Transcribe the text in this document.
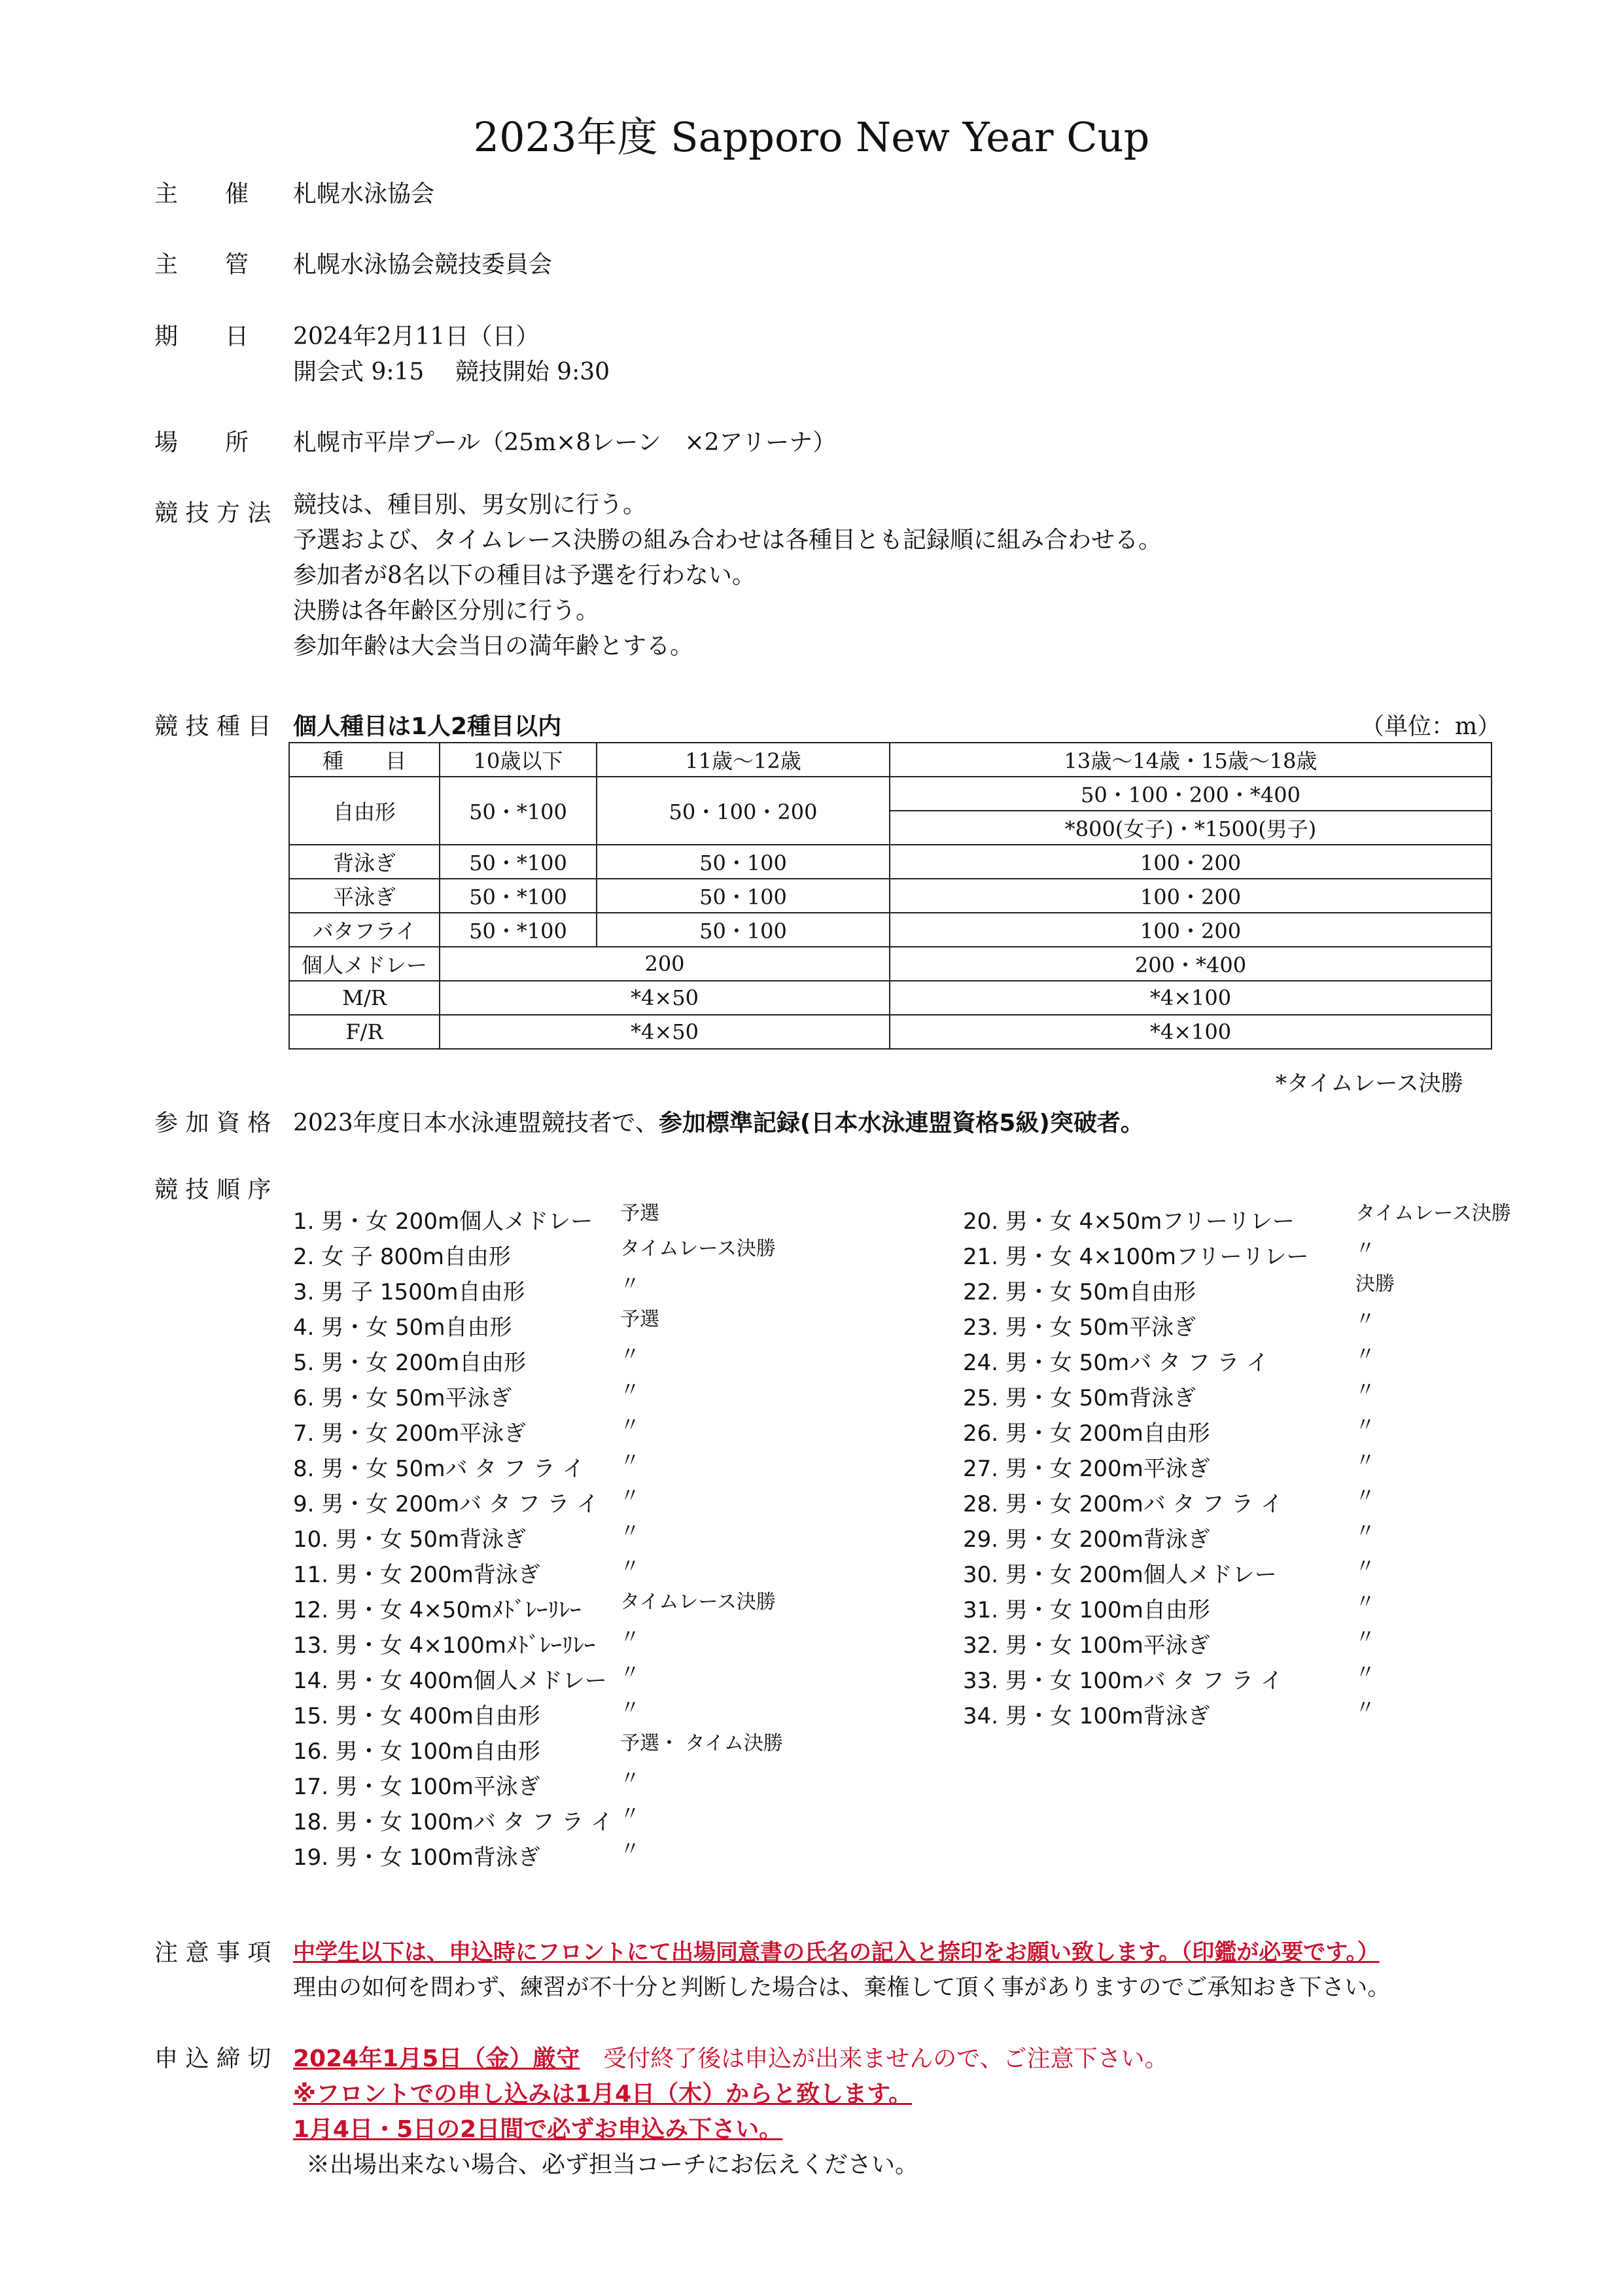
2023年度 Sapporo New Year Cup
主　　催 札幌水泳協会
主　　管 札幌水泳協会競技委員会
期　　日 2024年2月11日（日）
開会式 9:15　 競技開始 9:30
場　　所 札幌市平岸プール（25m×8レーン　×2アリーナ）
競 技 方 法 競技は、種目別、男女別に行う。
予選および、タイムレース決勝の組み合わせは各種目とも記録順に組み合わせる。
参加者が8名以下の種目は予選を行わない。
決勝は各年齢区分別に行う。
参加年齢は大会当日の満年齢とする。
競 技 種 目 個人種目は1人2種目以内	（単位：m）
種　　目	10歳以下	11歳～12歳	13歳～14歳・15歳～18歳
自由形	50・*100	50・100・200	50・100・200・*400
			*800(女子)・*1500(男子)
背泳ぎ	50・*100	50・100	100・200
平泳ぎ	50・*100	50・100	100・200
バタフライ	50・*100	50・100	100・200
個人メドレー	200		200・*400
M/R	*4×50		*4×100
F/R	*4×50		*4×100
*タイムレース決勝
参 加 資 格 2023年度日本水泳連盟競技者で、参加標準記録(日本水泳連盟資格5級)突破者。
競 技 順 序
1. 男・女 200m個人メドレー 予選
2. 女 子 800m自由形	タイムレース決勝
3. 男 子 1500m自由形	〃
4. 男・女 50m自由形	予選
5. 男・女 200m自由形	〃
6. 男・女 50m平泳ぎ	〃
7. 男・女 200m平泳ぎ	〃
8. 男・女 50mバ タ フ ラ イ 〃
9. 男・女 200mバ タ フ ラ イ 〃
10. 男・女 50m背泳ぎ	〃
11. 男・女 200m背泳ぎ	〃
12. 男・女 4×50mﾒﾄﾞﾚｰﾘﾚｰ タイムレース決勝
13. 男・女 4×100mﾒﾄﾞﾚｰﾘﾚｰ 〃
14. 男・女 400m個人メドレー 〃
15. 男・女 400m自由形	〃
16. 男・女 100m自由形	予選・ タイム決勝
17. 男・女 100m平泳ぎ	〃
18. 男・女 100mバ タ フ ラ イ 〃
19. 男・女 100m背泳ぎ	〃
20. 男・女 4×50mフリーリレー	タイムレース決勝
21. 男・女 4×100mフリーリレー 〃
22. 男・女 50m自由形	決勝
23. 男・女 50m平泳ぎ	〃
24. 男・女 50mバ タ フ ラ イ	〃
25. 男・女 50m背泳ぎ	〃
26. 男・女 200m自由形	〃
27. 男・女 200m平泳ぎ	〃
28. 男・女 200mバ タ フ ラ イ	〃
29. 男・女 200m背泳ぎ	〃
30. 男・女 200m個人メドレー	〃
31. 男・女 100m自由形	〃
32. 男・女 100m平泳ぎ	〃
33. 男・女 100mバ タ フ ラ イ	〃
34. 男・女 100m背泳ぎ	〃
注 意 事 項 中学生以下は、申込時にフロントにて出場同意書の氏名の記入と捺印をお願い致します。（印鑑が必要です。）
理由の如何を問わず、練習が不十分と判断した場合は、棄権して頂く事がありますのでご承知おき下さい。
申 込 締 切 2024年1月5日（金）厳守　受付終了後は申込が出来ませんので、ご注意下さい。
※フロントでの申し込みは1月4日（木）からと致します。
1月4日・5日の2日間で必ずお申込み下さい。
※出場出来ない場合、必ず担当コーチにお伝えください。
